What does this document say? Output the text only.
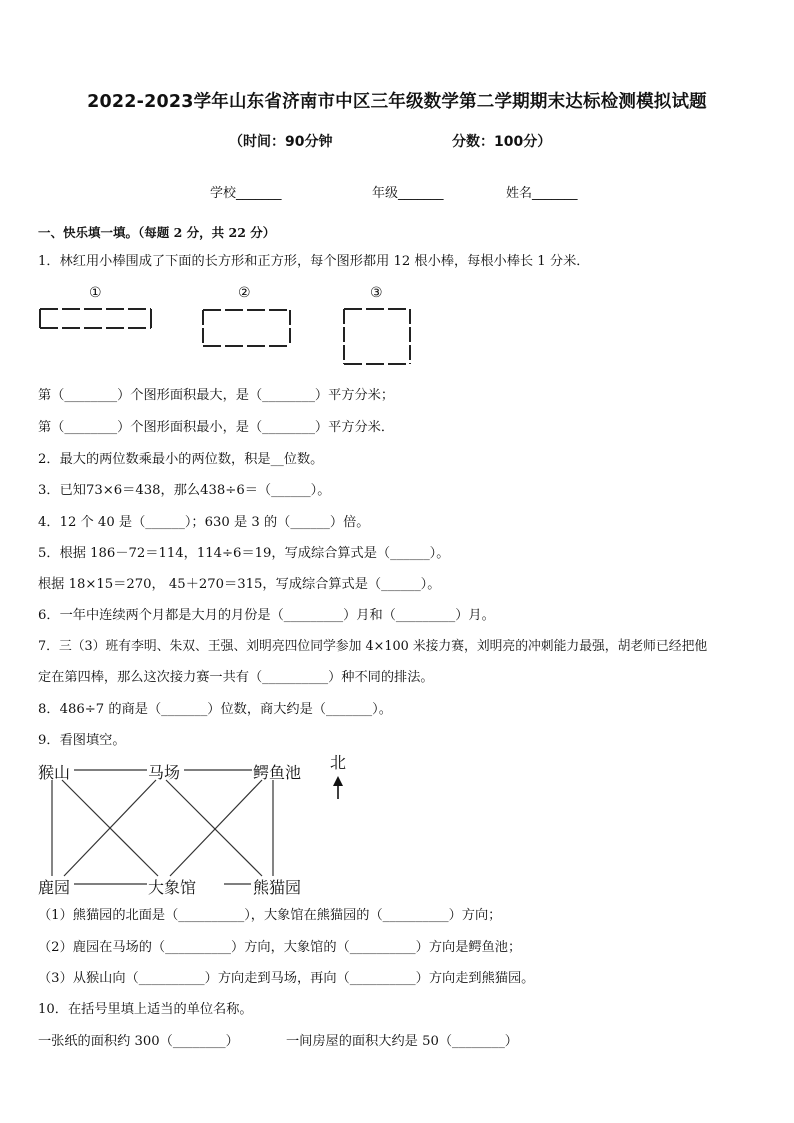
2022-2023学年山东省济南市中区三年级数学第二学期期末达标检测模拟试题
（时间：90分钟	分数：100分）
学校_______	年级_______	姓名_______
一、快乐填一填。（每题 2 分，共 22 分）
1．林红用小棒围成了下面的长方形和正方形，每个图形都用 12 根小棒，每根小棒长 1 分米．
①	②	③
第（________）个图形面积最大，是（________）平方分米；
第（________）个图形面积最小，是（________）平方分米．
2．最大的两位数乘最小的两位数，积是__位数。
3．已知73×6＝438，那么438÷6＝（______）。
4．12 个 40 是（______）；630 是 3 的（______）倍。
5．根据 186－72＝114，114÷6＝19，写成综合算式是（______）。
根据 18×15＝270， 45＋270＝315，写成综合算式是（______）。
6．一年中连续两个月都是大月的月份是（_________）月和（_________）月。
7．三（3）班有李明、朱双、王强、刘明亮四位同学参加 4×100 米接力赛，刘明亮的冲刺能力最强，胡老师已经把他
定在第四棒，那么这次接力赛一共有（__________）种不同的排法。
8．486÷7 的商是（_______）位数，商大约是（_______）。
9．看图填空。
猴山	马场	鳄鱼池
鹿园	大象馆	熊猫园
北
（1）熊猫园的北面是（__________），大象馆在熊猫园的（__________）方向；
（2）鹿园在马场的（__________）方向，大象馆的（__________）方向是鳄鱼池；
（3）从猴山向（__________）方向走到马场，再向（__________）方向走到熊猫园。
10．在括号里填上适当的单位名称。
一张纸的面积约 300（________）	一间房屋的面积大约是 50（________）
